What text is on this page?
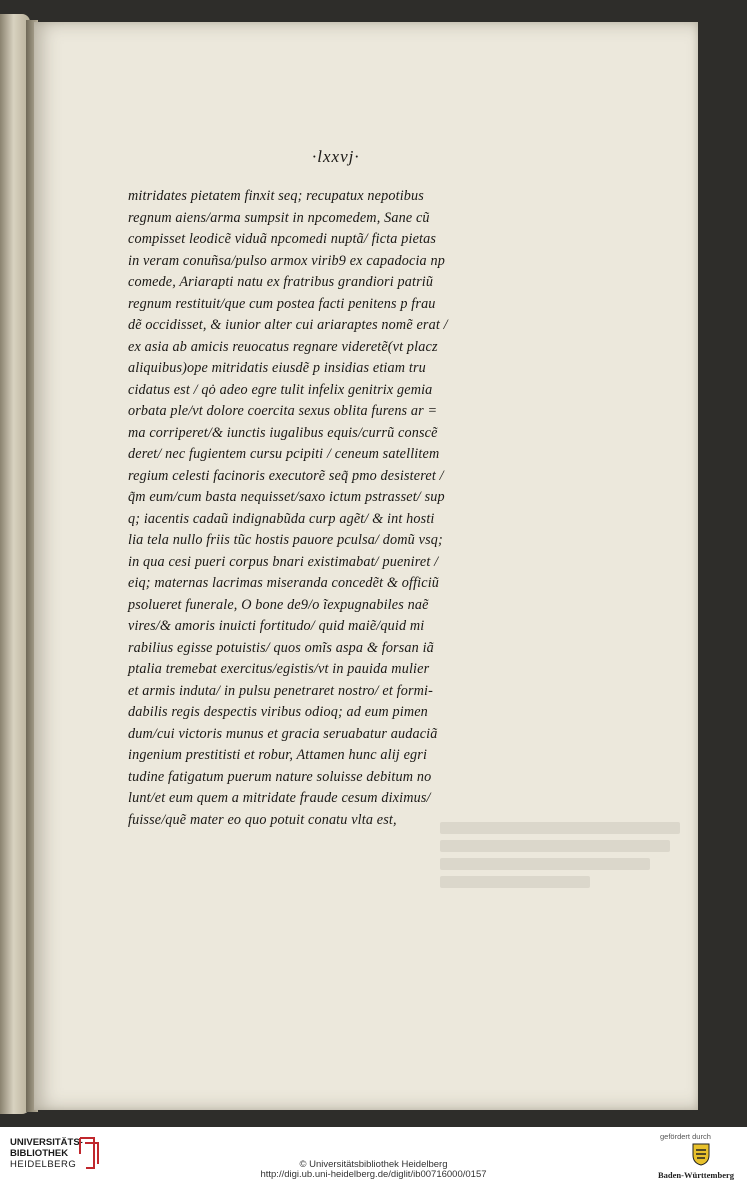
·lxxvj·
mitridates pietatem finxit seq; recupatux nepotibus
regnum aiens/arma sumpsit in npcomedem, Sane cũ
compisset leodicẽ viduã npcomedi nuptã/ ficta pietas
in veram conuñsa/pulso armox virib9 ex capadocia np
comede, Ariarapti natu ex fratribus grandiori patriũ
regnum restituit/que cum postea facti penitens p frau
dẽ occidisset, & iunior alter cui ariaraptes nomẽ erat /
ex asia ab amicis reuocatus regnare videretẽ(vt placz
aliquibus)ope mitridatis eiusdẽ p insidias etiam tru
cidatus est / qȯ adeo egre tulit infelix genitrix gemia
orbata ple/vt dolore coercita sexus oblita furens ar =
ma corriperet/& iunctis iugalibus equis/currũ conscẽ
deret/ nec fugientem cursu pcipiti / ceneum satellitem
regium celesti facinoris executorẽ seq̃ pmo desisteret /
q̃m eum/cum basta nequisset/saxo ictum pstrasset/ sup
q; iacentis cadaũ indignabũda curp agẽt/ & int hosti
lia tela nullo friis tũc hostis pauore pculsa/ domũ vsq;
in qua cesi pueri corpus bnari existimabat/ pueniret /
eiq; maternas lacrimas miseranda concedẽt & officiũ
psolueret funerale, O bone de9/o ĩexpugnabiles naẽ
vires/& amoris inuicti fortitudo/ quid maiẽ/quid mi
rabilius egisse potuistis/ quos omĩs aspa & forsan iã
ptalia tremebat exercitus/egistis/vt in pauida mulier
et armis induta/ in pulsu penetraret nostro/ et formi-
dabilis regis despectis viribus odioq; ad eum pimen
dum/cui victoris munus et gracia seruabatur audaciã
ingenium prestitisti et robur, Attamen hunc alij egri
tudine fatigatum puerum nature soluisse debitum no
lunt/et eum quem a mitridate fraude cesum diximus/
fuisse/quẽ mater eo quo potuit conatu vlta est,
UNIVERSITÄTS-
BIBLIOTHEK
HEIDELBERG	© Universitätsbibliothek Heidelberg
http://digi.ub.uni-heidelberg.de/diglit/ib00716000/0157
gefördert durch
Baden-Württemberg
